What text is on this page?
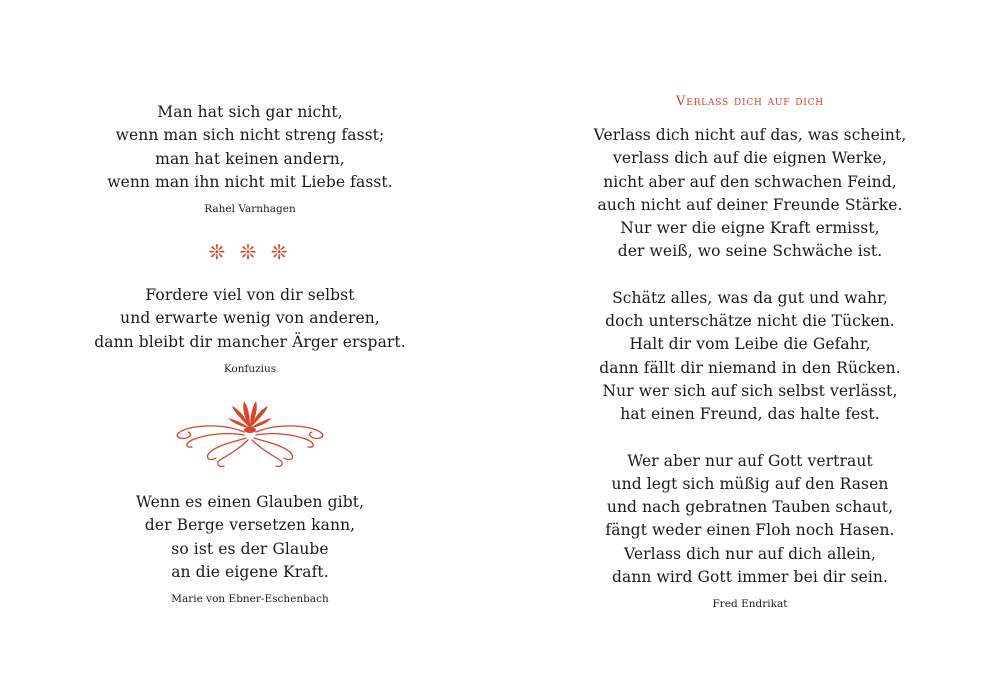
Man hat sich gar nicht,
wenn man sich nicht streng fasst;
man hat keinen andern,
wenn man ihn nicht mit Liebe fasst.
Rahel Varnhagen
❊ ❊ ❊
Fordere viel von dir selbst
und erwarte wenig von anderen,
dann bleibt dir mancher Ärger erspart.
Konfuzius
Wenn es einen Glauben gibt,
der Berge versetzen kann,
so ist es der Glaube
an die eigene Kraft.
Marie von Ebner-Eschenbach
Verlass dich auf dich
Verlass dich nicht auf das, was scheint,
verlass dich auf die eignen Werke,
nicht aber auf den schwachen Feind,
auch nicht auf deiner Freunde Stärke.
Nur wer die eigne Kraft ermisst,
der weiß, wo seine Schwäche ist.
Schätz alles, was da gut und wahr,
doch unterschätze nicht die Tücken.
Halt dir vom Leibe die Gefahr,
dann fällt dir niemand in den Rücken.
Nur wer sich auf sich selbst verlässt,
hat einen Freund, das halte fest.
Wer aber nur auf Gott vertraut
und legt sich müßig auf den Rasen
und nach gebratnen Tauben schaut,
fängt weder einen Floh noch Hasen.
Verlass dich nur auf dich allein,
dann wird Gott immer bei dir sein.
Fred Endrikat
